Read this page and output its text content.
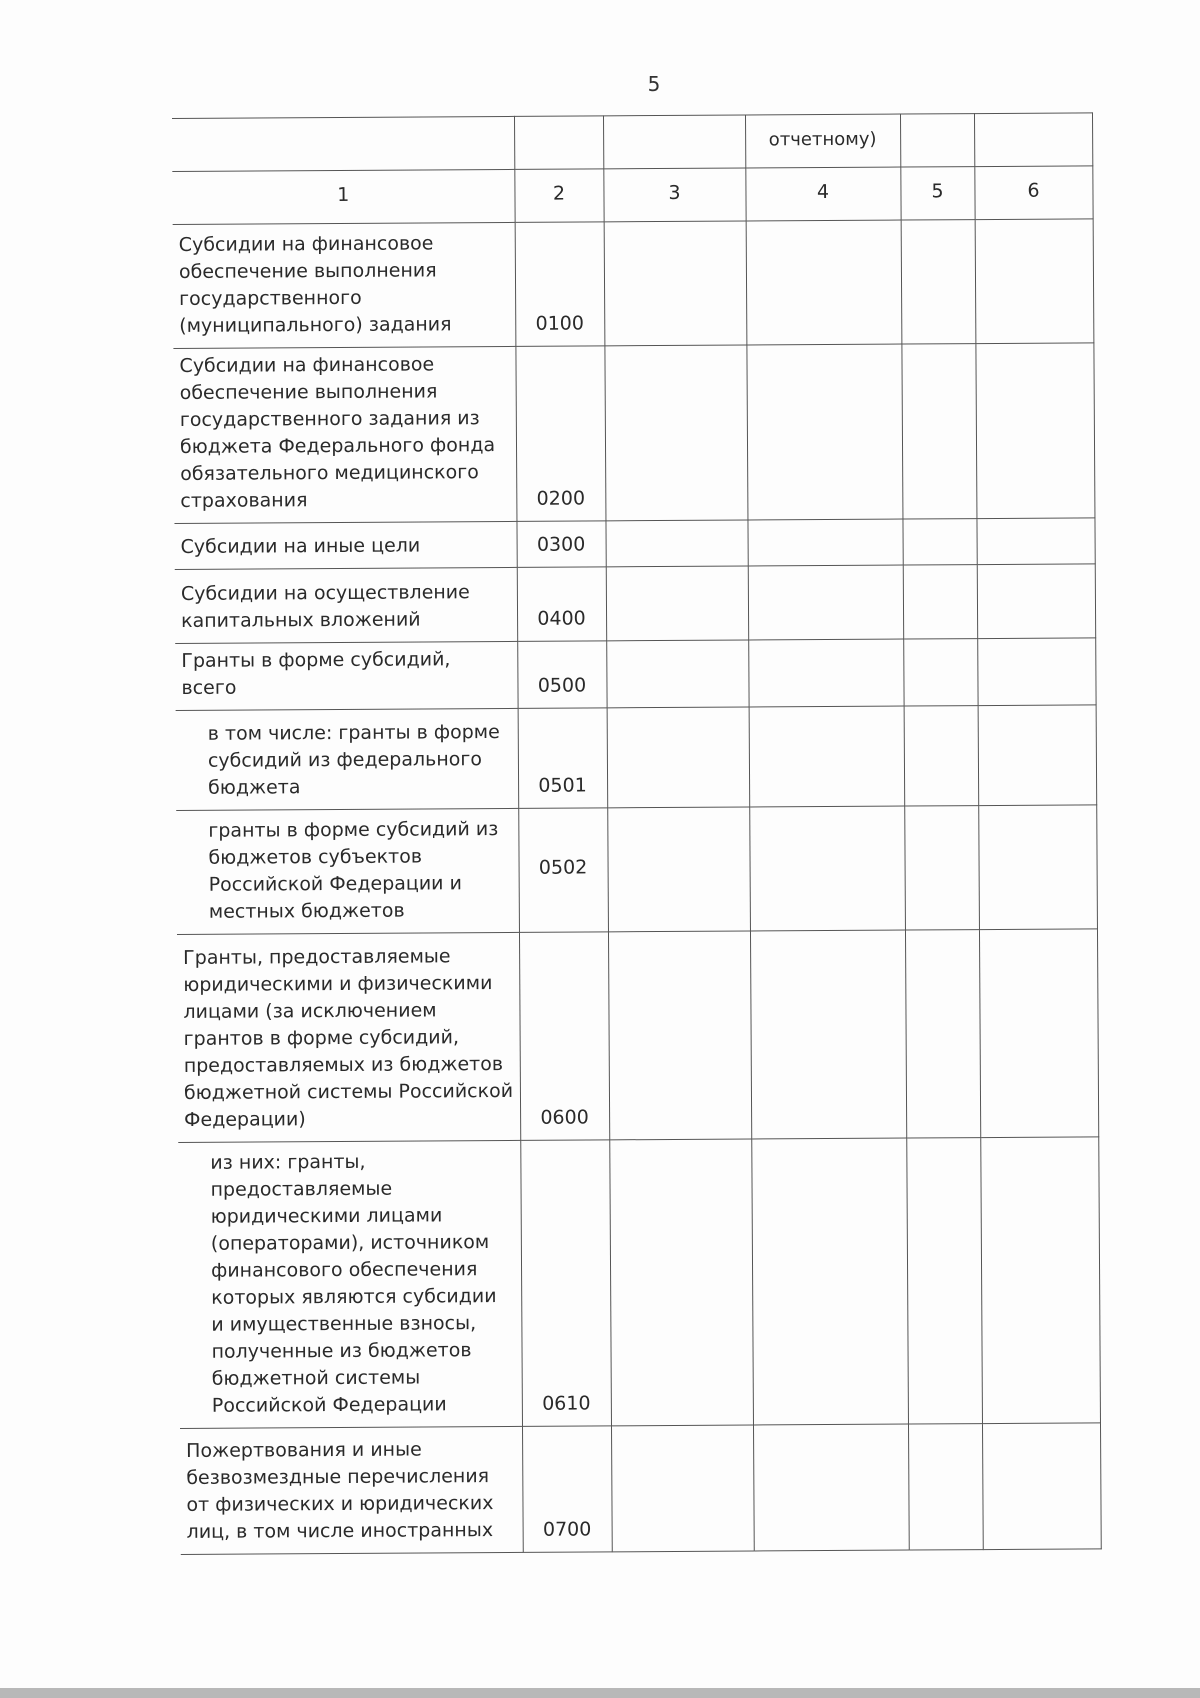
5
			отчетному)		
1	2	3	4	5	6
Субсидии на финансовое обеспечение выполнения государственного (муниципального) задания	0100				
Субсидии на финансовое обеспечение выполнения государственного задания из бюджета Федерального фонда обязательного медицинского страхования	0200				
Субсидии на иные цели	0300				
Субсидии на осуществление капитальных вложений	0400				
Гранты в форме субсидий, всего	0500				
в том числе: гранты в форме субсидий из федерального бюджета	0501				
гранты в форме субсидий из бюджетов субъектов Российской Федерации и местных бюджетов	0502				
Гранты, предоставляемые юридическими и физическими лицами (за исключением грантов в форме субсидий, предоставляемых из бюджетов бюджетной системы Российской Федерации)	0600				
из них: гранты, предоставляемые юридическими лицами (операторами), источником финансового обеспечения которых являются субсидии и имущественные взносы, полученные из бюджетов бюджетной системы Российской Федерации	0610				
Пожертвования и иные безвозмездные перечисления от физических и юридических лиц, в том числе иностранных	0700				
